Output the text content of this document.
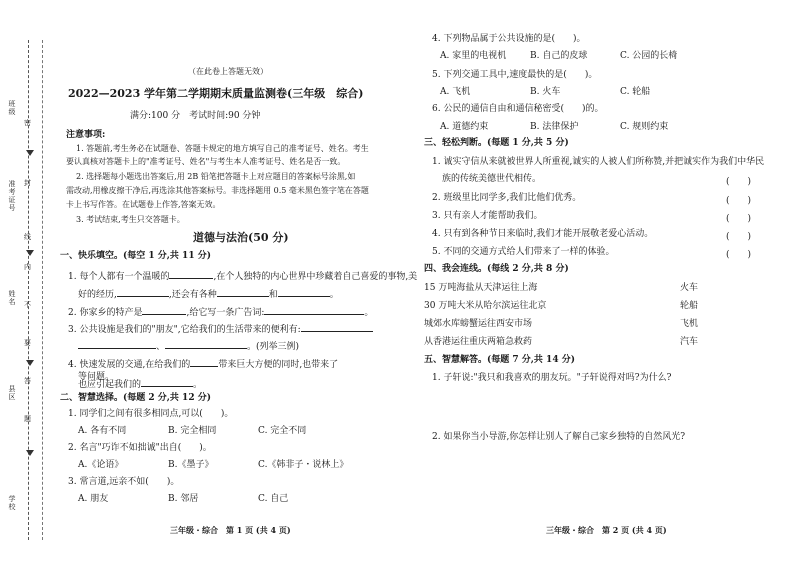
班级
准考证号
姓名
县区
学校
密
封
线
内
不
要
答
题
（在此卷上答题无效）
2022—2023 学年第二学期期末质量监测卷(三年级　综合)
满分:100 分　考试时间:90 分钟
注意事项:
1. 答题前,考生务必在试题卷、答题卡规定的地方填写自己的准考证号、姓名。考生
要认真核对答题卡上的"准考证号、姓名"与考生本人准考证号、姓名是否一致。
2. 选择题每小题选出答案后,用 2B 铅笔把答题卡上对应题目的答案标号涂黑,如
需改动,用橡皮擦干净后,再选涂其他答案标号。非选择题用 0.5 毫米黑色签字笔在答题
卡上书写作答。在试题卷上作答,答案无效。
3. 考试结束,考生只交答题卡。
道德与法治(50 分)
一、快乐填空。(每空 1 分,共 11 分)
1. 每个人都有一个温暖的	,在个人独特的内心世界中珍藏着自己喜爱的事物,美
好的经历,	,还会有各种	和	。
2. 你家乡的特产是	,给它写一条广告词:	。
3. 公共设施是我们的"朋友",它给我们的生活带来的便利有:
、	。(列举三例)
4. 快速发展的交通,在给我们的	带来巨大方便的同时,也带来了
等问题。
也应引起我们的	。
二、智慧选择。(每题 2 分,共 12 分)
1. 同学们之间有很多相同点,可以(　　)。
A. 各有不同	B. 完全相同	C. 完全不同
2. 名言"巧诈不如拙诚"出自(　　)。
A.《论语》	B.《墨子》	C.《韩非子・说林上》
3. 常言道,远亲不如(　　)。
A. 朋友	B. 邻居	C. 自己
三年级・综合　第 1 页 (共 4 页)
4. 下列物品属于公共设施的是(　　)。
A. 家里的电视机	B. 自己的皮球	C. 公园的长椅
5. 下列交通工具中,速度最快的是(　　)。
A. 飞机	B. 火车	C. 轮船
6. 公民的通信自由和通信秘密受(　　)的。
A. 道德约束	B. 法律保护	C. 规则约束
三、轻松判断。(每题 1 分,共 5 分)
1. 诚实守信从来就被世界人所重视,诚实的人被人们所称赞,并把诚实作为我们中华民
族的传统美德世代相传。	(　　)
2. 班级里比同学多,我们比他们优秀。	(　　)
3. 只有亲人才能帮助我们。	(　　)
4. 只有到各种节日来临时,我们才能开展敬老爱心活动。	(　　)
5. 不同的交通方式给人们带来了一样的体验。	(　　)
四、我会连线。(每线 2 分,共 8 分)
15 万吨海盐从天津运往上海
30 万吨大米从哈尔滨运往北京
城郊水库螃蟹运往西安市场
从香港运往重庆两箱急救药
火车
轮船
飞机
汽车
五、智慧解答。(每题 7 分,共 14 分)
1. 子轩说:"我只和我喜欢的朋友玩。"子轩说得对吗?为什么?
2. 如果你当小导游,你怎样让别人了解自己家乡独特的自然风光?
三年级・综合　第 2 页 (共 4 页)
